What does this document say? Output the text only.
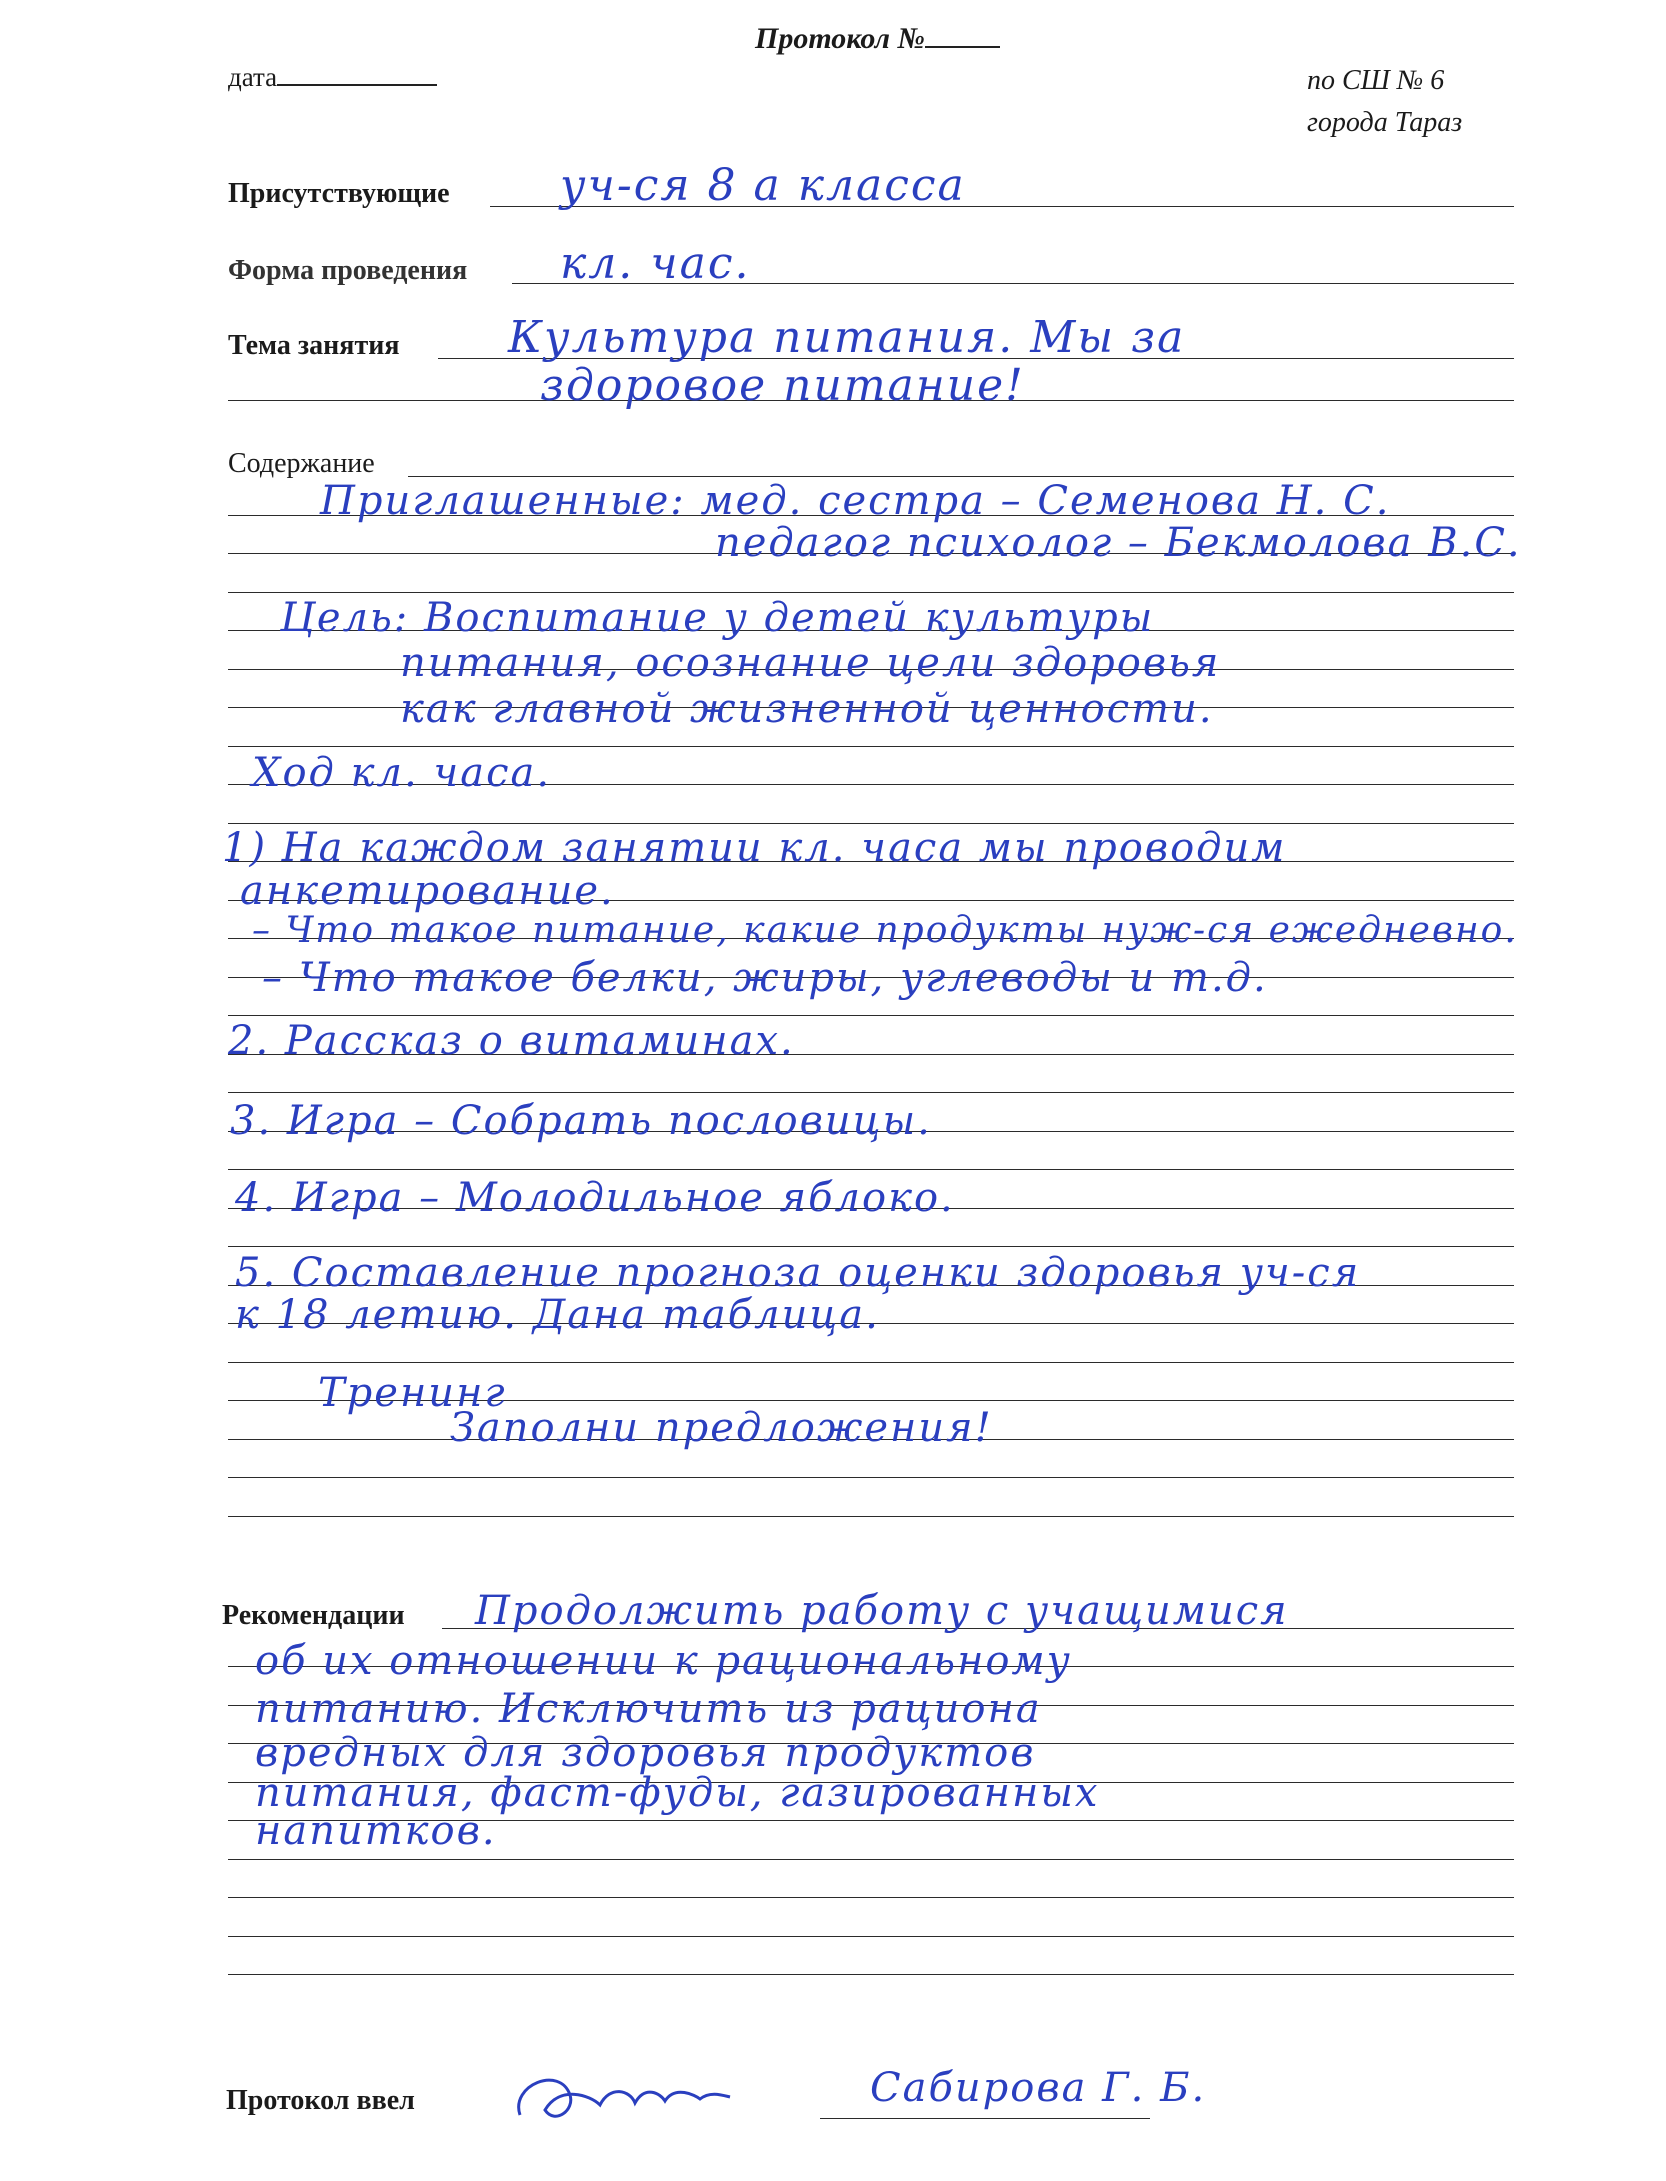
Протокол №
дата	по СШ № 6
города Тараз
Присутствующие
Форма проведения
Тема занятия
Содержание
Рекомендации
Протокол ввел
уч-ся 8 а класса
кл. час.
Культура питания. Мы за
здоровое питание!
Приглашенные: мед. сестра – Семенова Н. С.
педагог психолог – Бекмолова В.С.
Цель: Воспитание у детей культуры
питания, осознание цели здоровья
как главной жизненной ценности.
Ход кл. часа.
1) На каждом занятии кл. часа мы проводим
анкетирование.
– Что такое питание, какие продукты нуж-ся ежедневно.
– Что такое белки, жиры, углеводы и т.д.
2. Рассказ о витаминах.
3. Игра – Собрать пословицы.
4. Игра – Молодильное яблоко.
5. Составление прогноза оценки здоровья уч-ся
к 18 летию. Дана таблица.
Тренинг
Заполни предложения!
Продолжить работу с учащимися
об их отношении к рациональному
питанию. Исключить из рациона
вредных для здоровья продуктов
питания, фаст-фуды, газированных
напитков.
Сабирова Г. Б.
